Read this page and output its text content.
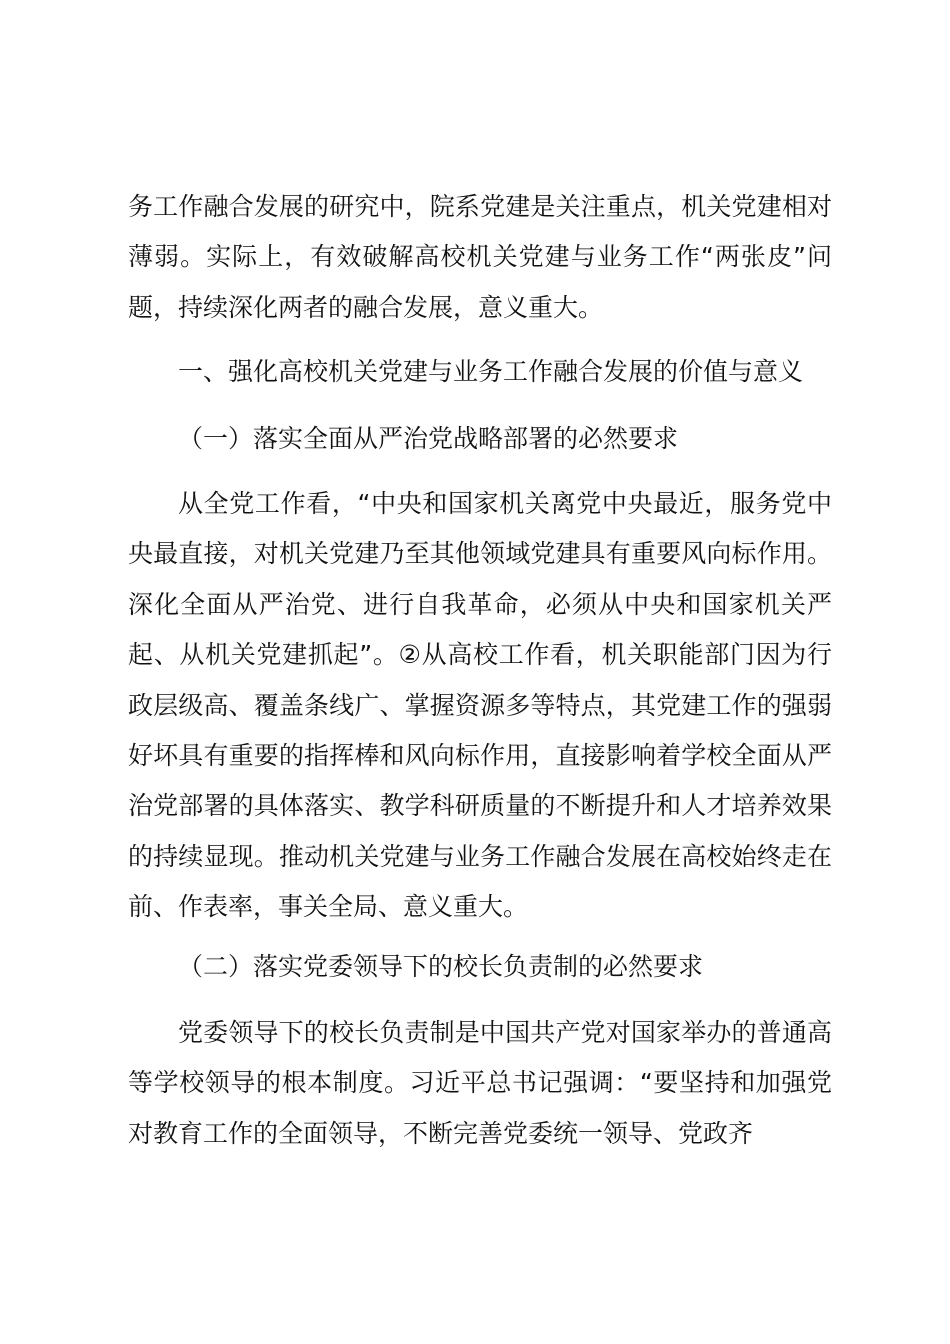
务工作融合发展的研究中，院系党建是关注重点，机关党建相对薄弱。实际上，有效破解高校机关党建与业务工作“两张皮”问题，持续深化两者的融合发展，意义重大。

一、强化高校机关党建与业务工作融合发展的价值与意义

（一）落实全面从严治党战略部署的必然要求

从全党工作看，“中央和国家机关离党中央最近，服务党中央最直接，对机关党建乃至其他领域党建具有重要风向标作用。深化全面从严治党、进行自我革命，必须从中央和国家机关严起、从机关党建抓起”。②从高校工作看，机关职能部门因为行政层级高、覆盖条线广、掌握资源多等特点，其党建工作的强弱好坏具有重要的指挥棒和风向标作用，直接影响着学校全面从严治党部署的具体落实、教学科研质量的不断提升和人才培养效果的持续显现。推动机关党建与业务工作融合发展在高校始终走在前、作表率，事关全局、意义重大。

（二）落实党委领导下的校长负责制的必然要求

党委领导下的校长负责制是中国共产党对国家举办的普通高等学校领导的根本制度。习近平总书记强调：“要坚持和加强党对教育工作的全面领导，不断完善党委统一领导、党政齐
